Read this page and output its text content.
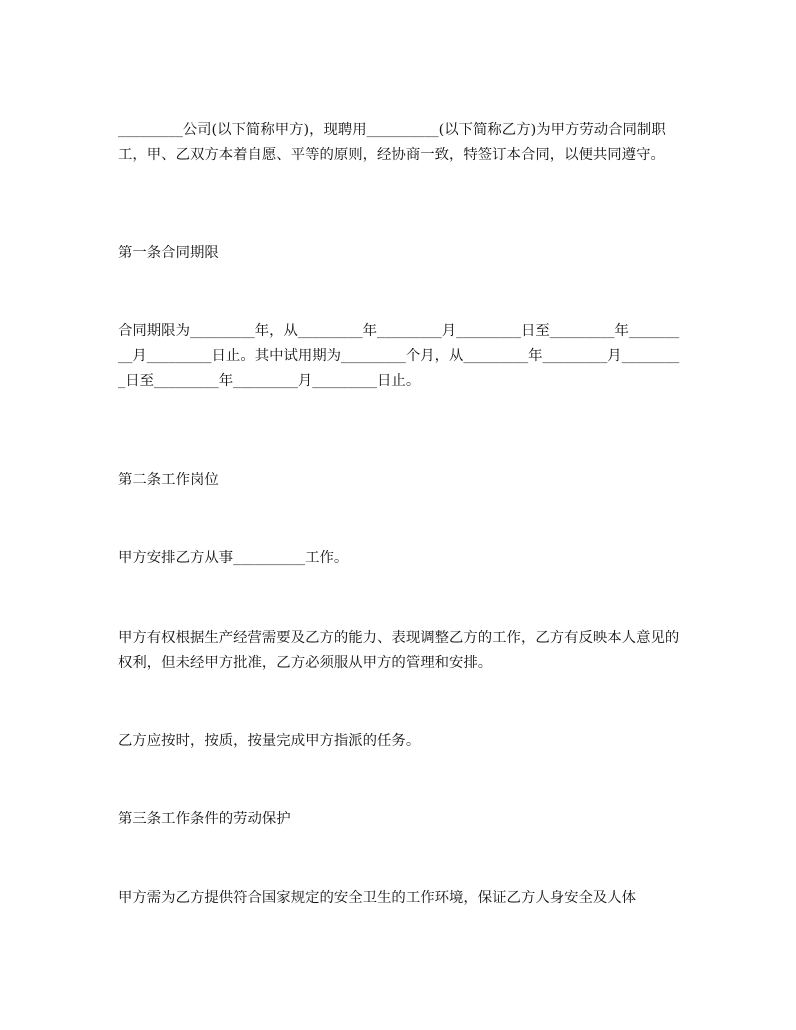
_________公司(以下简称甲方)，现聘用__________(以下简称乙方)为甲方劳动合同制职工，甲、乙双方本着自愿、平等的原则，经协商一致，特签订本合同，以便共同遵守。

第一条合同期限

合同期限为_________年，从_________年_________月_________日至_________年_________月_________日止。其中试用期为_________个月，从_________年_________月_________日至_________年_________月_________日止。

第二条工作岗位

甲方安排乙方从事__________工作。

甲方有权根据生产经营需要及乙方的能力、表现调整乙方的工作，乙方有反映本人意见的权利，但未经甲方批准，乙方必须服从甲方的管理和安排。

乙方应按时，按质，按量完成甲方指派的任务。

第三条工作条件的劳动保护

甲方需为乙方提供符合国家规定的安全卫生的工作环境，保证乙方人身安全及人体
